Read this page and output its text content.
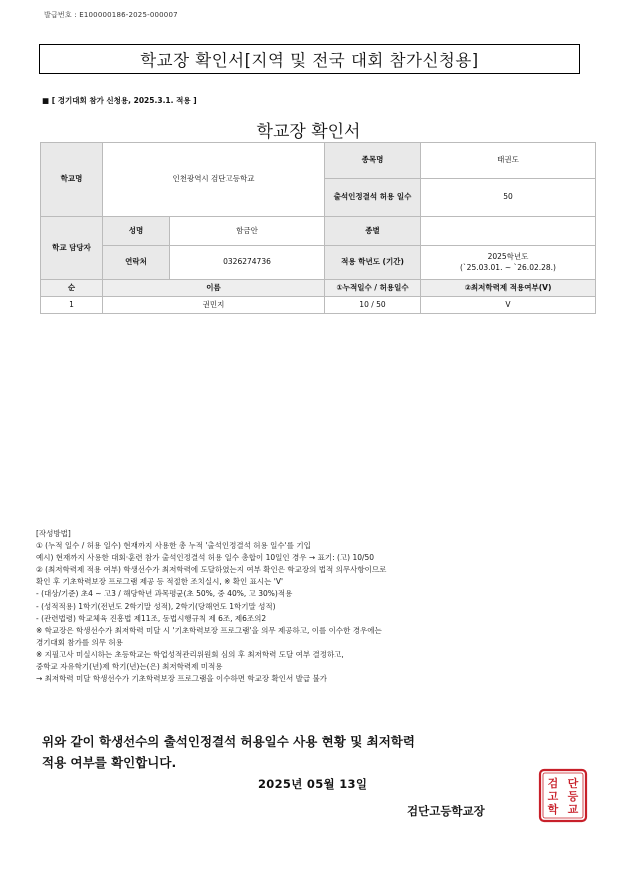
발급번호 : E100000186-2025-000007
학교장 확인서[지역 및 전국 대회 참가신청용]
■ [ 경기대회 참가 신청용, 2025.3.1. 적용 ]
학교장 확인서
학교명	인천광역시 검단고등학교		종목명	태권도
			출석인정결석 허용 일수	50
학교 담당자	성명	함금안	종별	
	연락처	0326274736	적용 학년도 (기간)	2025학년도
(`25.03.01. ~ `26.02.28.)

순	이름		①누적일수 / 허용일수	②최저학력제 적용여부(V)
1	권민지		10 / 50	V
[작성방법]
① (누적 일수 / 허용 일수) 현재까지 사용한 총 누적 '출석인정결석 허용 일수'를 기입
예시) 현재까지 사용한 대회·훈련 참가 출석인정결석 허용 일수 총합이 10일인 경우 → 표기: (고) 10/50
② (최저학력제 적용 여부) 학생선수가 최저학력에 도달하였는지 여부 확인은 학교장의 법적 의무사항이므로
확인 후 기초학력보장 프로그램 제공 등 적절한 조치실시, ※ 확인 표시는 'V'
- (대상/기준) 초4 ~ 고3 / 해당학년 과목평균(초 50%, 중 40%, 고 30%)적용
- (성적적용) 1학기(전년도 2학기말 성적), 2학기(당해연도 1학기말 성적)
- (관련법령) 학교체육 진흥법 제11조, 동법시행규칙 제 6조, 제6조의2
※ 학교장은 학생선수가 최저학력 미달 시 '기초학력보장 프로그램'을 의무 제공하고, 이를 이수한 경우에는
경기대회 참가를 의무 허용
※ 지필고사 미실시하는 초등학교는 학업성적관리위원회 심의 후 최저학력 도달 여부 결정하고,
중학교 자유학기(년)제 학기(년)는(은) 최저학력제 미적용
→ 최저학력 미달 학생선수가 기초학력보장 프로그램을 이수하면 학교장 확인서 발급 불가
위와 같이 학생선수의 출석인정결석 허용일수 사용 현황 및 최저학력
적용 여부를 확인합니다.
2025년 05월 13일
검단고등학교장
검 단
고 등
학 교
